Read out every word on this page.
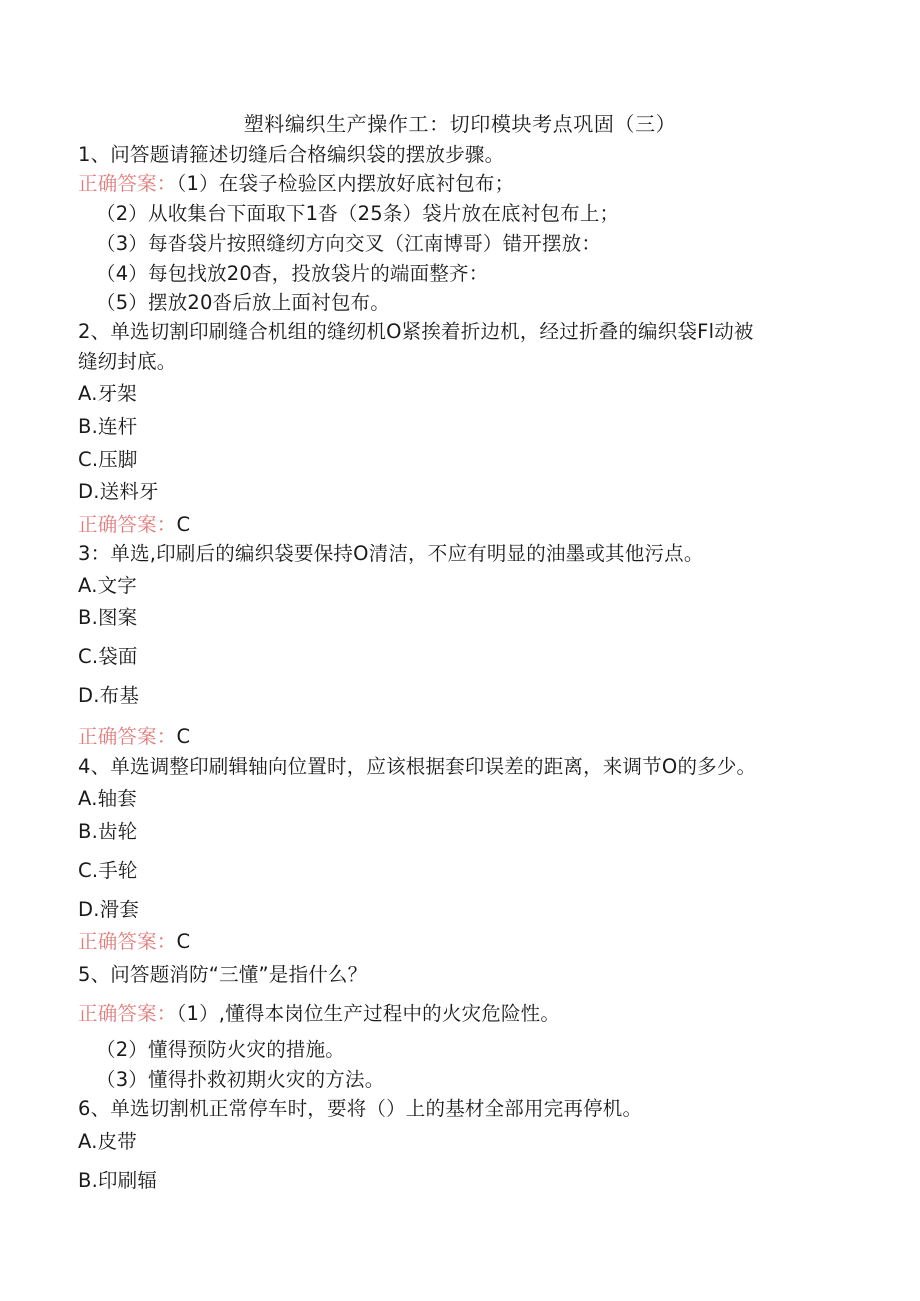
塑料编织生产操作工：切印模块考点巩固（三）
1、问答题请箍述切缝后合格编织袋的摆放步骤。
正确答案：（1）在袋子检验区内摆放好底衬包布；
（2）从收集台下面取下1沓（25条）袋片放在底衬包布上；
（3）每沓袋片按照缝纫方向交叉（江南博哥）错开摆放：
（4）每包找放20杳，投放袋片的端面整齐：
（5）摆放20沓后放上面衬包布。
2、单选切割印刷缝合机组的缝纫机O紧挨着折边机，经过折叠的编织袋Fl动被
缝纫封底。
A.牙架
B.连杆
C.压脚
D.送料牙
正确答案：C
3：单选,印刷后的编织袋要保持O清洁，不应有明显的油墨或其他污点。
A.文字
B.图案
C.袋面
D.布基
正确答案：C
4、单选调整印刷辑轴向位置时，应该根据套印误差的距离，来调节O的多少。
A.轴套
B.齿轮
C.手轮
D.滑套
正确答案：C
5、问答题消防“三懂”是指什么？
正确答案：（1）,懂得本岗位生产过程中的火灾危险性。
（2）懂得预防火灾的措施。
（3）懂得扑救初期火灾的方法。
6、单选切割机正常停车时，要将（）上的基材全部用完再停机。
A.皮带
B.印刷辐
